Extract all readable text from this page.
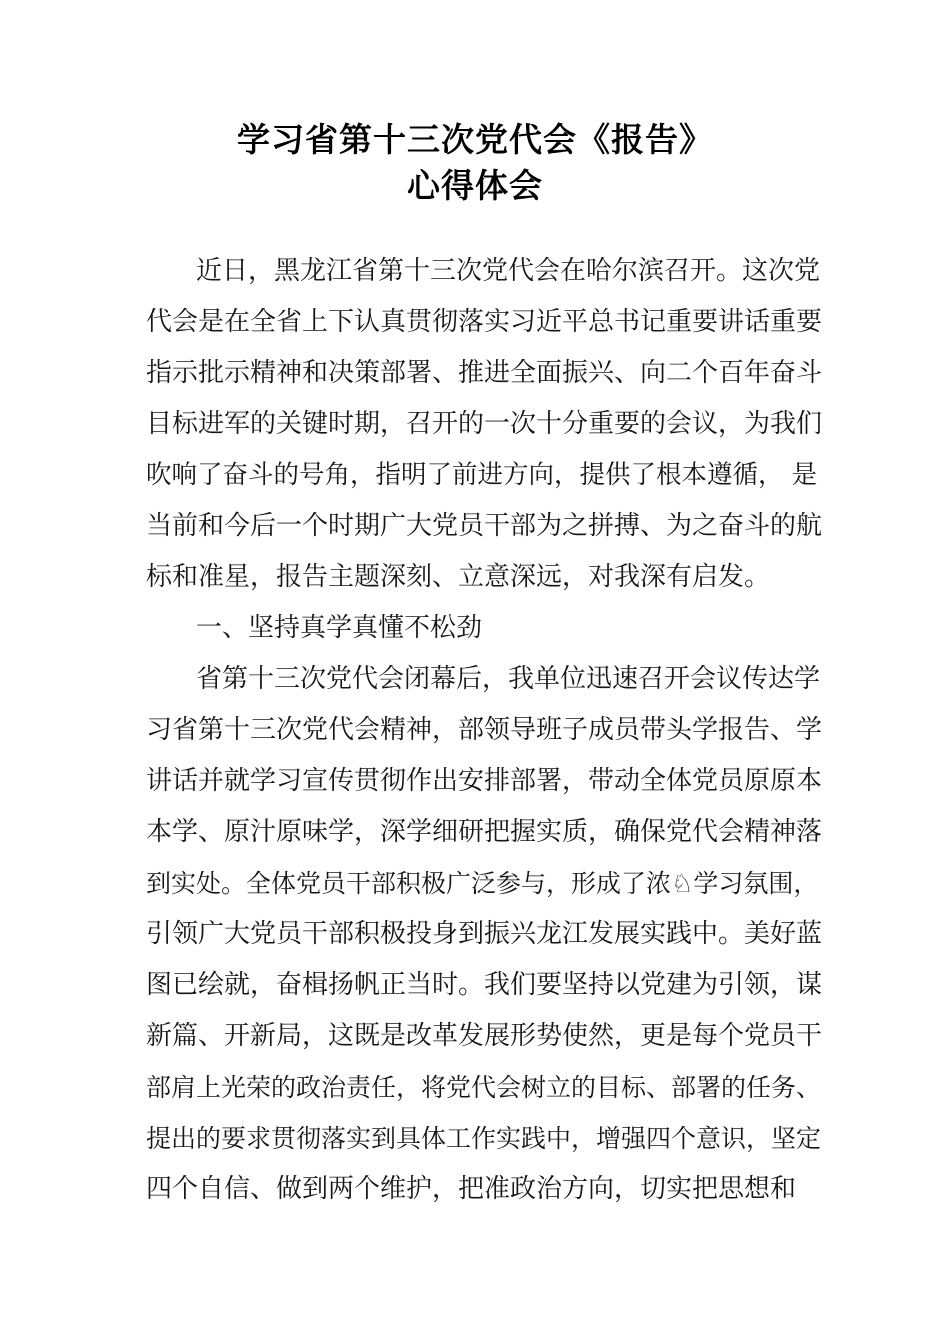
学习省第十三次党代会《报告》
心得体会
近日，黑龙江省第十三次党代会在哈尔滨召开。这次党
代会是在全省上下认真贯彻落实习近平总书记重要讲话重要
指示批示精神和决策部署、推进全面振兴、向二个百年奋斗
目标进军的关键时期，召开的一次十分重要的会议，为我们
吹响了奋斗的号角，指明了前进方向，提供了根本遵循， 是
当前和今后一个时期广大党员干部为之拼搏、为之奋斗的航
标和准星，报告主题深刻、立意深远，对我深有启发。
一、坚持真学真懂不松劲
省第十三次党代会闭幕后，我单位迅速召开会议传达学
习省第十三次党代会精神，部领导班子成员带头学报告、学
讲话并就学习宣传贯彻作出安排部署，带动全体党员原原本
本学、原汁原味学，深学细研把握实质，确保党代会精神落
到实处。全体党员干部积极广泛参与，形成了浓♘学习氛围，
引领广大党员干部积极投身到振兴龙江发展实践中。美好蓝
图已绘就，奋楫扬帆正当时。我们要坚持以党建为引领，谋
新篇、开新局，这既是改革发展形势使然，更是每个党员干
部肩上光荣的政治责任，将党代会树立的目标、部署的任务、
提出的要求贯彻落实到具体工作实践中，增强四个意识，坚定
四个自信、做到两个维护，把准政治方向，切实把思想和
